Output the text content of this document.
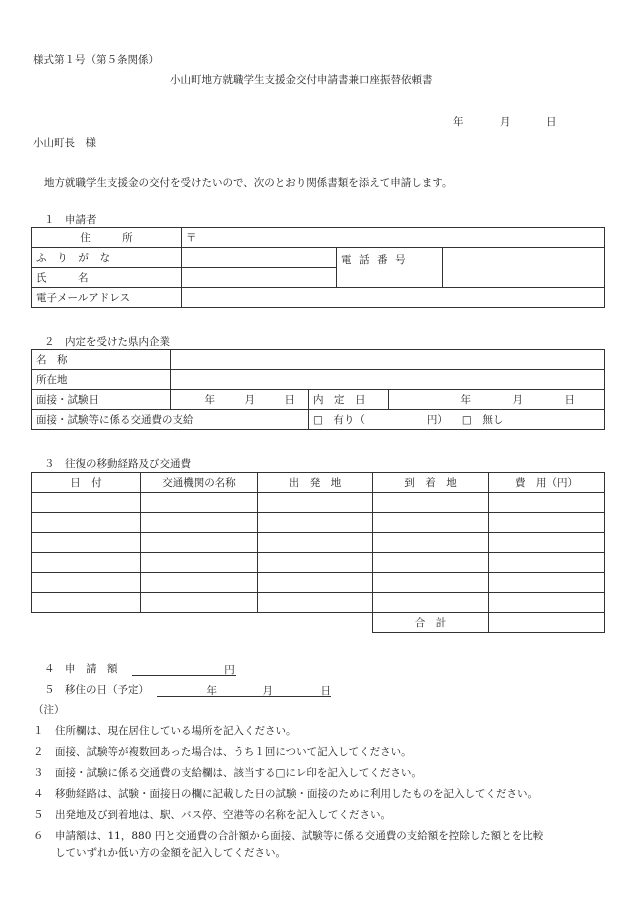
様式第１号（第５条関係）
小山町地方就職学生支援金交付申請書兼口座振替依頼書
年	月	日
小山町長　様
地方就職学生支援金の交付を受けたいので、次のとおり関係書類を添えて申請します。
１　申請者
住　　　所	〒		
ふ り が な		電 話 番 号	
氏　　　名			
電子メールアドレス			
２　内定を受けた県内企業
名　称			
所在地			
面接・試験日	年 月 日	内　定　日	年 月 日
面接・試験等に係る交通費の支給		□　有り（ 円） □　無し	
３　往復の移動経路及び交通費
日　付	交通機関の名称	出　発　地	到　着　地	費　用（円）

			合　計	
４　申　請　額	円
５　移住の日（予定）	年	月	日
（注）
１ 住所欄は、現在居住している場所を記入ください。
２ 面接、試験等が複数回あった場合は、うち１回について記入してください。
３ 面接・試験に係る交通費の支給欄は、該当する□にレ印を記入してください。
４ 移動経路は、試験・面接日の欄に記載した日の試験・面接のために利用したものを記入してください。
５ 出発地及び到着地は、駅、バス停、空港等の名称を記入してください。
６ 申請額は、11，880 円と交通費の合計額から面接、試験等に係る交通費の支給額を控除した額とを比較
していずれか低い方の金額を記入してください。
